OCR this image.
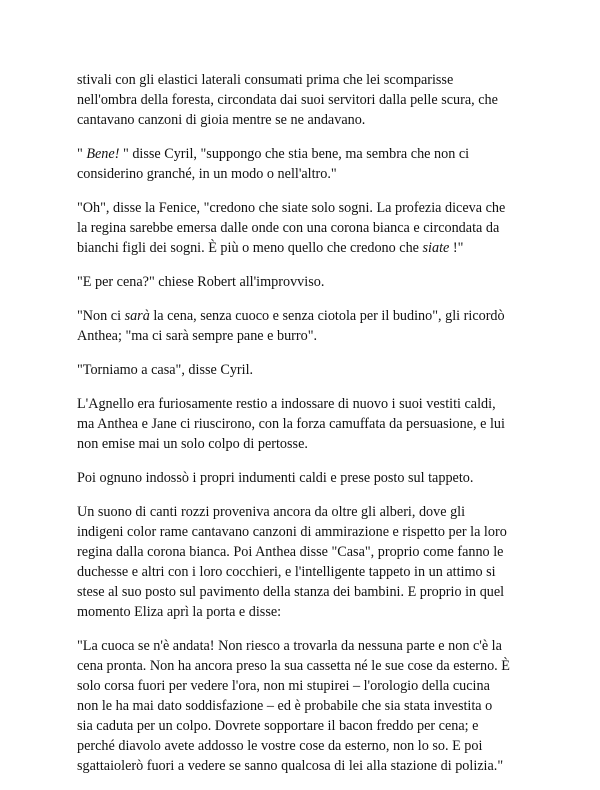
stivali con gli elastici laterali consumati prima che lei scomparisse
nell'ombra della foresta, circondata dai suoi servitori dalla pelle scura, che
cantavano canzoni di gioia mentre se ne andavano.

" Bene! " disse Cyril, "suppongo che stia bene, ma sembra che non ci
considerino granché, in un modo o nell'altro."

"Oh", disse la Fenice, "credono che siate solo sogni. La profezia diceva che
la regina sarebbe emersa dalle onde con una corona bianca e circondata da
bianchi figli dei sogni. È più o meno quello che credono che siate !"

"E per cena?" chiese Robert all'improvviso.

"Non ci sarà la cena, senza cuoco e senza ciotola per il budino", gli ricordò
Anthea; "ma ci sarà sempre pane e burro".

"Torniamo a casa", disse Cyril.

L'Agnello era furiosamente restio a indossare di nuovo i suoi vestiti caldi,
ma Anthea e Jane ci riuscirono, con la forza camuffata da persuasione, e lui
non emise mai un solo colpo di pertosse.

Poi ognuno indossò i propri indumenti caldi e prese posto sul tappeto.

Un suono di canti rozzi proveniva ancora da oltre gli alberi, dove gli
indigeni color rame cantavano canzoni di ammirazione e rispetto per la loro
regina dalla corona bianca. Poi Anthea disse "Casa", proprio come fanno le
duchesse e altri con i loro cocchieri, e l'intelligente tappeto in un attimo si
stese al suo posto sul pavimento della stanza dei bambini. E proprio in quel
momento Eliza aprì la porta e disse:

"La cuoca se n'è andata! Non riesco a trovarla da nessuna parte e non c'è la
cena pronta. Non ha ancora preso la sua cassetta né le sue cose da esterno. È
solo corsa fuori per vedere l'ora, non mi stupirei – l'orologio della cucina
non le ha mai dato soddisfazione – ed è probabile che sia stata investita o
sia caduta per un colpo. Dovrete sopportare il bacon freddo per cena; e
perché diavolo avete addosso le vostre cose da esterno, non lo so. E poi
sgattaiolerò fuori a vedere se sanno qualcosa di lei alla stazione di polizia."
